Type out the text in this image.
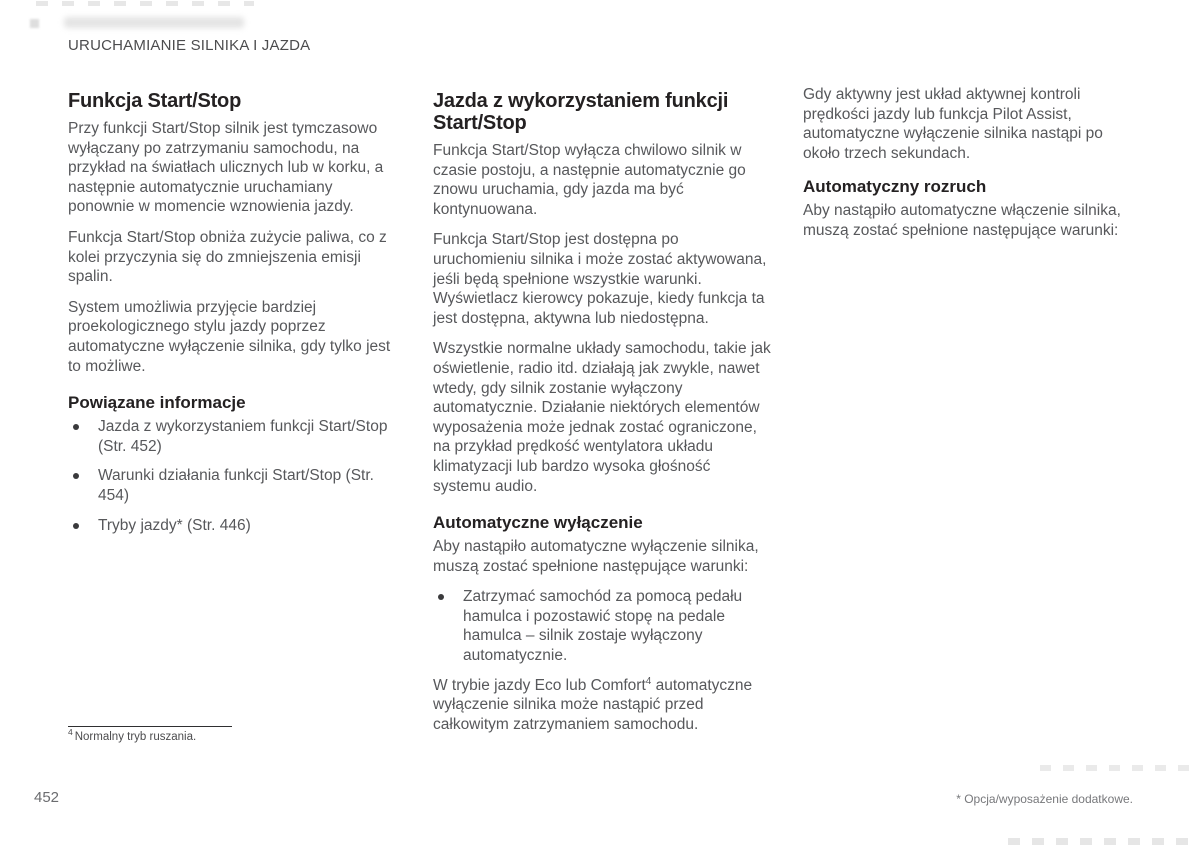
URUCHAMIANIE SILNIKA I JAZDA
Funkcja Start/Stop

Przy funkcji Start/Stop silnik jest tymczasowo wyłączany po zatrzymaniu samochodu, na przykład na światłach ulicznych lub w korku, a następnie automatycznie uruchamiany ponownie w momencie wznowienia jazdy.

Funkcja Start/Stop obniża zużycie paliwa, co z kolei przyczynia się do zmniejszenia emisji spalin.

System umożliwia przyjęcie bardziej proekologicznego stylu jazdy poprzez automatyczne wyłączenie silnika, gdy tylko jest to możliwe.

Powiązane informacje
Jazda z wykorzystaniem funkcji Start/Stop (Str. 452)
Warunki działania funkcji Start/Stop (Str. 454)
Tryby jazdy* (Str. 446)
Jazda z wykorzystaniem funkcji Start/Stop

Funkcja Start/Stop wyłącza chwilowo silnik w czasie postoju, a następnie automatycznie go znowu uruchamia, gdy jazda ma być kontynuowana.

Funkcja Start/Stop jest dostępna po uruchomieniu silnika i może zostać aktywowana, jeśli będą spełnione wszystkie warunki. Wyświetlacz kierowcy pokazuje, kiedy funkcja ta jest dostępna, aktywna lub niedostępna.

Wszystkie normalne układy samochodu, takie jak oświetlenie, radio itd. działają jak zwykle, nawet wtedy, gdy silnik zostanie wyłączony automatycznie. Działanie niektórych elementów wyposażenia może jednak zostać ograniczone, na przykład prędkość wentylatora układu klimatyzacji lub bardzo wysoka głośność systemu audio.

Automatyczne wyłączenie

Aby nastąpiło automatyczne wyłączenie silnika, muszą zostać spełnione następujące warunki:

Zatrzymać samochód za pomocą pedału hamulca i pozostawić stopę na pedale hamulca – silnik zostaje wyłączony automatycznie.

W trybie jazdy Eco lub Comfort$^4$ automatyczne wyłączenie silnika może nastąpić przed całkowitym zatrzymaniem samochodu.

Gdy aktywny jest układ aktywnej kontroli prędkości jazdy lub funkcja Pilot Assist, automatyczne wyłączenie silnika nastąpi po około trzech sekundach.

Automatyczny rozruch

Aby nastąpiło automatyczne włączenie silnika, muszą zostać spełnione następujące warunki:

$^4$ Normalny tryb ruszania.
452	* Opcja/wyposażenie dodatkowe.
